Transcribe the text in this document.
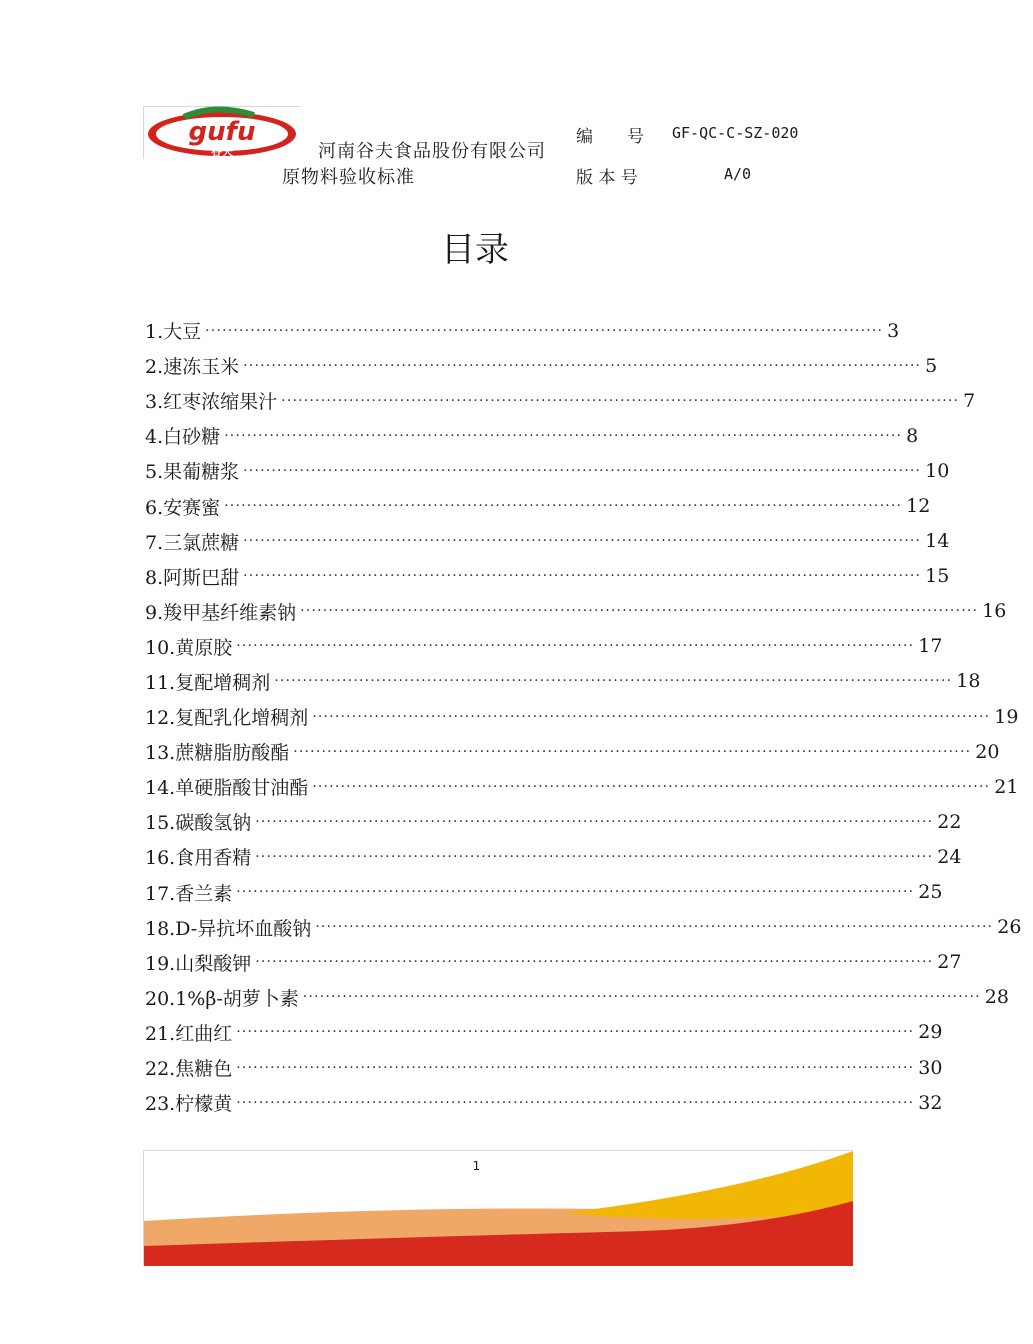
gufu
谷夫	河南谷夫食品股份有限公司
原物料验收标准
编　　号 GF-QC-C-SZ-020
版 本 号	A/0
目录
1.大豆 ························································································································ 3
2.速冻玉米 ························································································································ 5
3.红枣浓缩果汁 ························································································································ 7
4.白砂糖 ························································································································ 8
5.果葡糖浆 ························································································································ 10
6.安赛蜜 ························································································································ 12
7.三氯蔗糖 ························································································································ 14
8.阿斯巴甜 ························································································································ 15
9.羧甲基纤维素钠 ························································································································ 16
10.黄原胶 ························································································································ 17
11.复配增稠剂 ························································································································ 18
12.复配乳化增稠剂 ························································································································ 19
13.蔗糖脂肪酸酯 ························································································································ 20
14.单硬脂酸甘油酯 ························································································································ 21
15.碳酸氢钠 ························································································································ 22
16.食用香精 ························································································································ 24
17.香兰素 ························································································································ 25
18.D-异抗坏血酸钠 ························································································································ 26
19.山梨酸钾 ························································································································ 27
20.1%β-胡萝卜素 ························································································································ 28
21.红曲红 ························································································································ 29
22.焦糖色 ························································································································ 30
23.柠檬黄 ························································································································ 32
1
